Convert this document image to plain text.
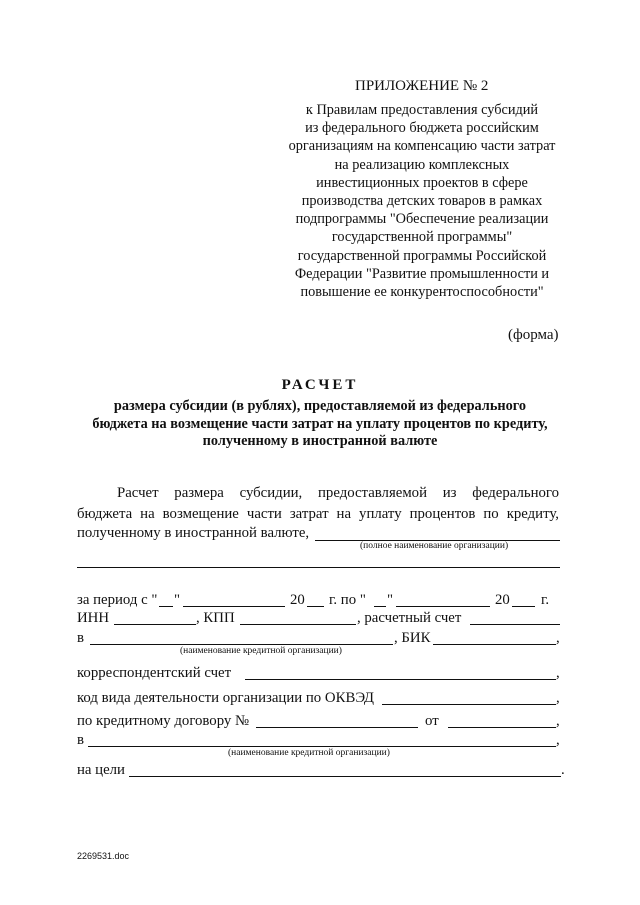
ПРИЛОЖЕНИЕ № 2
к Правилам предоставления субсидий
из федерального бюджета российским
организациям на компенсацию части затрат
на реализацию комплексных
инвестиционных проектов в сфере
производства детских товаров в рамках
подпрограммы "Обеспечение реализации
государственной программы"
государственной программы Российской
Федерации "Развитие промышленности и
повышение ее конкурентоспособности"
(форма)
РАСЧЕТ
размера субсидии (в рублях), предоставляемой из федерального
бюджета на возмещение части затрат на уплату процентов по кредиту,
полученному в иностранной валюте
Расчет размера субсидии, предоставляемой из федерального
бюджета на возмещение части затрат на уплату процентов по кредиту,
полученному в иностранной валюте,
(полное наименование организации)
за период с " "	20 г. по " "	20 г.
ИНН	, КПП	, расчетный счет
в	, БИК	,
(наименование кредитной организации)
корреспондентский счет	,
код вида деятельности организации по ОКВЭД	,
по кредитному договору №	от	,
в	,
(наименование кредитной организации)
на цели	.
2269531.doc
